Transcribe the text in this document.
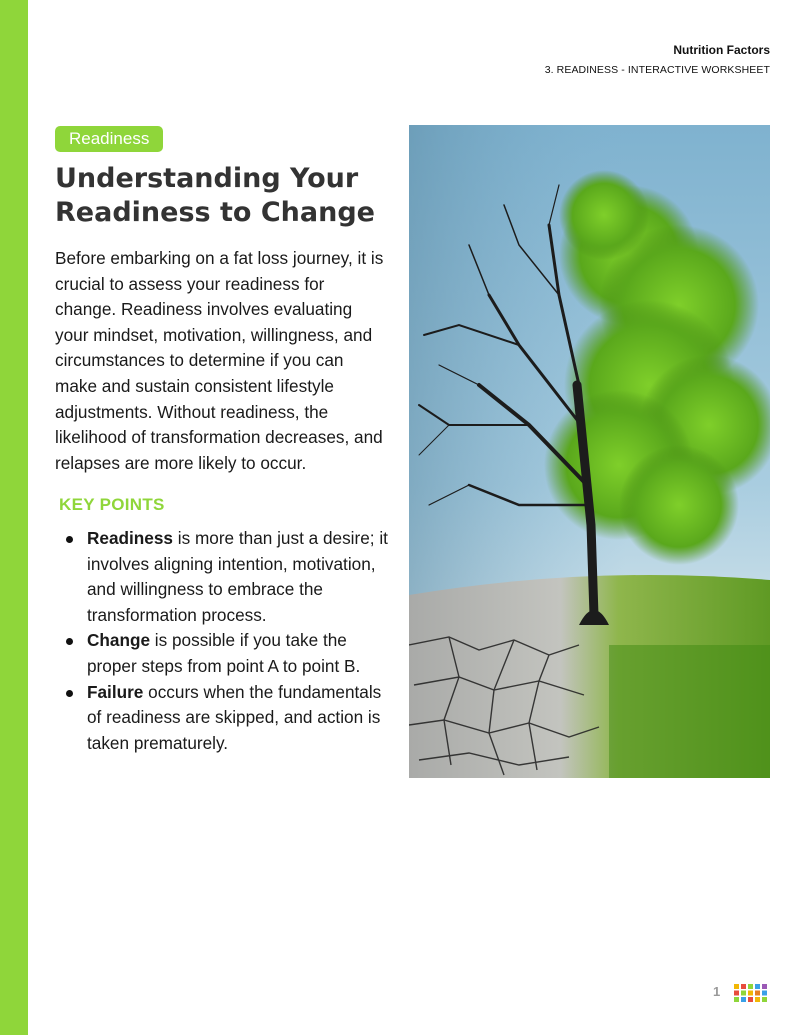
Nutrition Factors
3. READINESS - INTERACTIVE WORKSHEET
Readiness
Understanding Your Readiness to Change

Before embarking on a fat loss journey, it is crucial to assess your readiness for change. Readiness involves evaluating your mindset, motivation, willingness, and circumstances to determine if you can make and sustain consistent lifestyle adjustments. Without readiness, the likelihood of transformation decreases, and relapses are more likely to occur.

KEY POINTS
Readiness is more than just a desire; it involves aligning intention, motivation, and willingness to embrace the transformation process.
Change is possible if you take the proper steps from point A to point B.
Failure occurs when the fundamentals of readiness are skipped, and action is taken prematurely.
1
